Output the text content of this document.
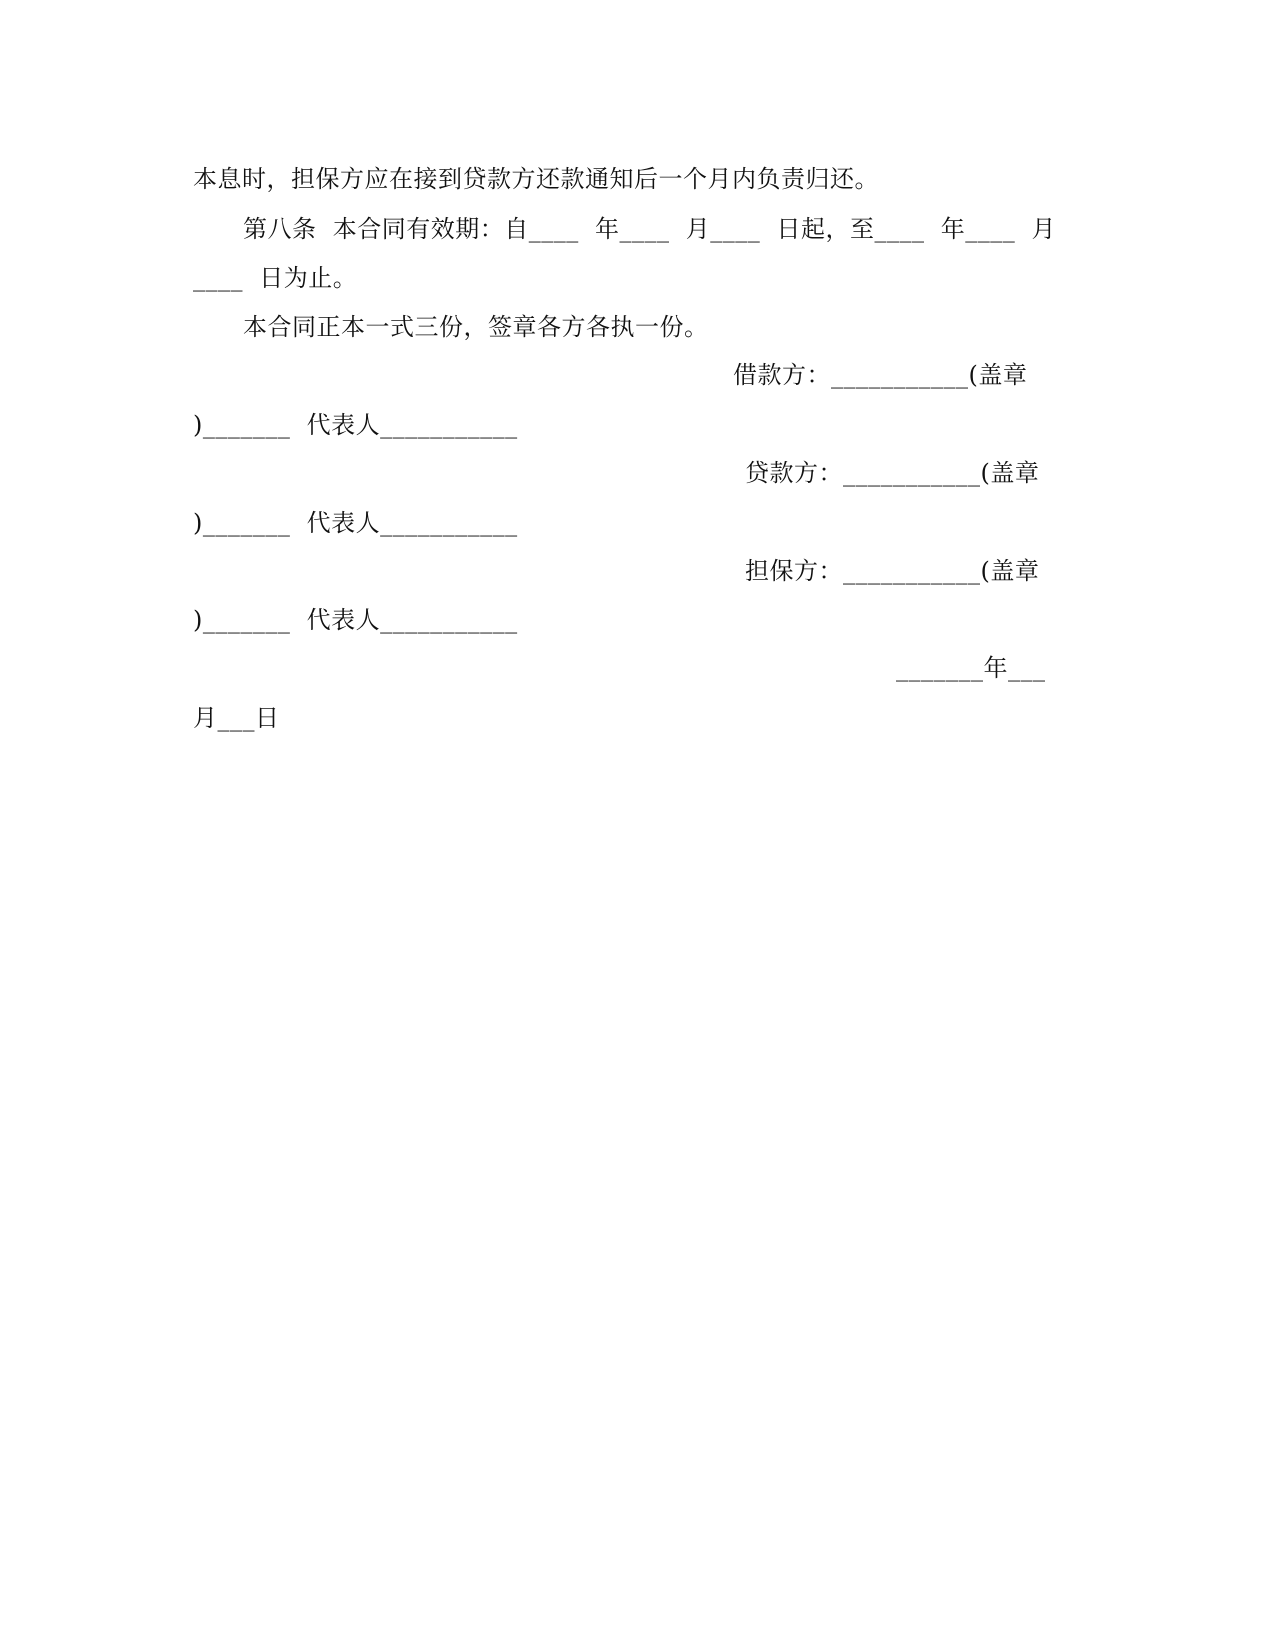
本息时，担保方应在接到贷款方还款通知后一个月内负责归还。
第八条  本合同有效期：自____  年____  月____  日起，至____  年____  月
____  日为止。
本合同正本一式三份，签章各方各执一份。
借款方：___________(盖章
)_______  代表人___________
贷款方：___________(盖章
)_______  代表人___________
担保方：___________(盖章
)_______  代表人___________
_______年___
月___日
